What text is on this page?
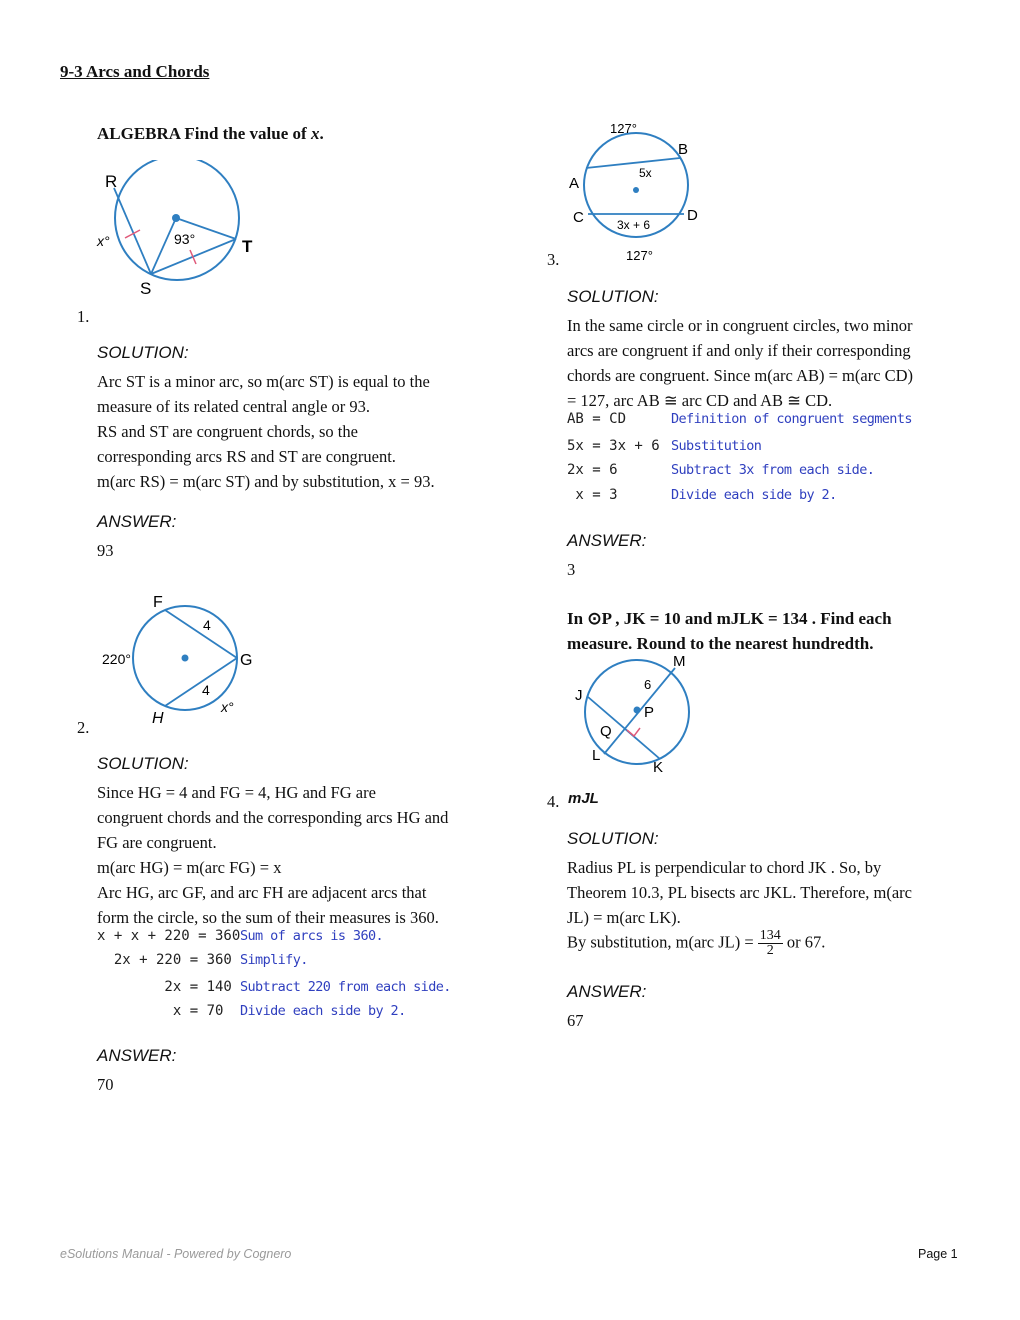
9-3 Arcs and Chords
ALGEBRA Find the value of x.
R
S
T
x°	93°
1.
SOLUTION:
Arc ST is a minor arc, so m(arc ST) is equal to the
measure of its related central angle or 93.
RS and ST are congruent chords, so the
corresponding arcs RS and ST are congruent.
m(arc RS) = m(arc ST) and by substitution, x = 93.
ANSWER:
93
F
G
H
4
4
220°
x°
2.
SOLUTION:
Since HG = 4 and FG = 4, HG and FG are
congruent chords and the corresponding arcs HG and
FG are congruent.
m(arc HG) = m(arc FG) = x
Arc HG, arc GF, and arc FH are adjacent arcs that
form the circle, so the sum of their measures is 360.
x + x + 220 = 360 Sum of arcs is 360.
2x + 220 = 360 Simplify.
2x = 140 Subtract 220 from each side.
x = 70 Divide each side by 2.
ANSWER:
70
127°
B
A
5x
C	D
3x + 6
127°
3.
SOLUTION:
In the same circle or in congruent circles, two minor
arcs are congruent if and only if their corresponding
chords are congruent. Since m(arc AB) = m(arc CD)
= 127, arc AB ≅ arc CD and AB ≅ CD.
AB = CD	Definition of congruent segments
5x = 3x + 6 Substitution
2x = 6	Subtract 3x from each side.
x = 3	Divide each side by 2.
ANSWER:
3
In ⊙P , JK = 10 and mJLK = 134 . Find each
measure. Round to the nearest hundredth.
M
J
P
Q
L
K
6
4. mJL
SOLUTION:
Radius PL is perpendicular to chord JK . So, by
Theorem 10.3, PL bisects arc JKL. Therefore, m(arc
JL) = m(arc LK).
By substitution, m(arc $JL) = \frac{134}{2}$ or 67.
ANSWER:
67
eSolutions Manual - Powered by Cognero	Page 1
